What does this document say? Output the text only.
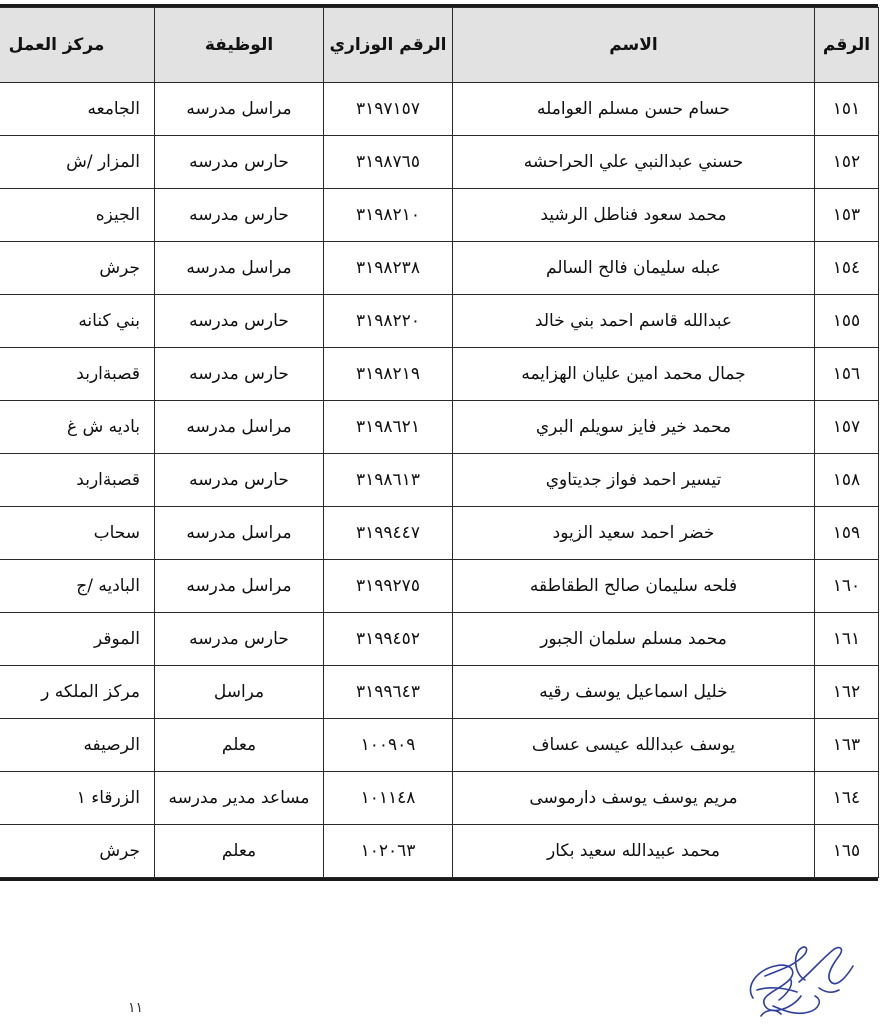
الرقم	الاسم	الرقم الوزاري	الوظيفة	مركز العمل
١٥١	حسام حسن مسلم العوامله	٣١٩٧١٥٧	مراسل مدرسه	الجامعه
١٥٢	حسني عبدالنبي علي الحراحشه	٣١٩٨٧٦٥	حارس مدرسه	المزار /ش
١٥٣	محمد سعود فناطل الرشيد	٣١٩٨٢١٠	حارس مدرسه	الجيزه
١٥٤	عبله سليمان فالح السالم	٣١٩٨٢٣٨	مراسل مدرسه	جرش
١٥٥	عبدالله قاسم احمد بني خالد	٣١٩٨٢٢٠	حارس مدرسه	بني كنانه
١٥٦	جمال محمد امين عليان الهزايمه	٣١٩٨٢١٩	حارس مدرسه	قصبةاربد
١٥٧	محمد خير فايز سويلم البري	٣١٩٨٦٢١	مراسل مدرسه	باديه ش غ
١٥٨	تيسير احمد فواز جديتاوي	٣١٩٨٦١٣	حارس مدرسه	قصبةاربد
١٥٩	خضر احمد سعيد الزيود	٣١٩٩٤٤٧	مراسل مدرسه	سحاب
١٦٠	فلحه سليمان صالح الطقاطقه	٣١٩٩٢٧٥	مراسل مدرسه	الباديه /ج
١٦١	محمد مسلم سلمان الجبور	٣١٩٩٤٥٢	حارس مدرسه	الموقر
١٦٢	خليل اسماعيل يوسف رقيه	٣١٩٩٦٤٣	مراسل	مركز الملكه ر
١٦٣	يوسف عبدالله عيسى عساف	١٠٠٩٠٩	معلم	الرصيفه
١٦٤	مريم يوسف يوسف دارموسى	١٠١١٤٨	مساعد مدير مدرسه	الزرقاء ١
١٦٥	محمد عبيدالله سعيد بكار	١٠٢٠٦٣	معلم	جرش
١١
